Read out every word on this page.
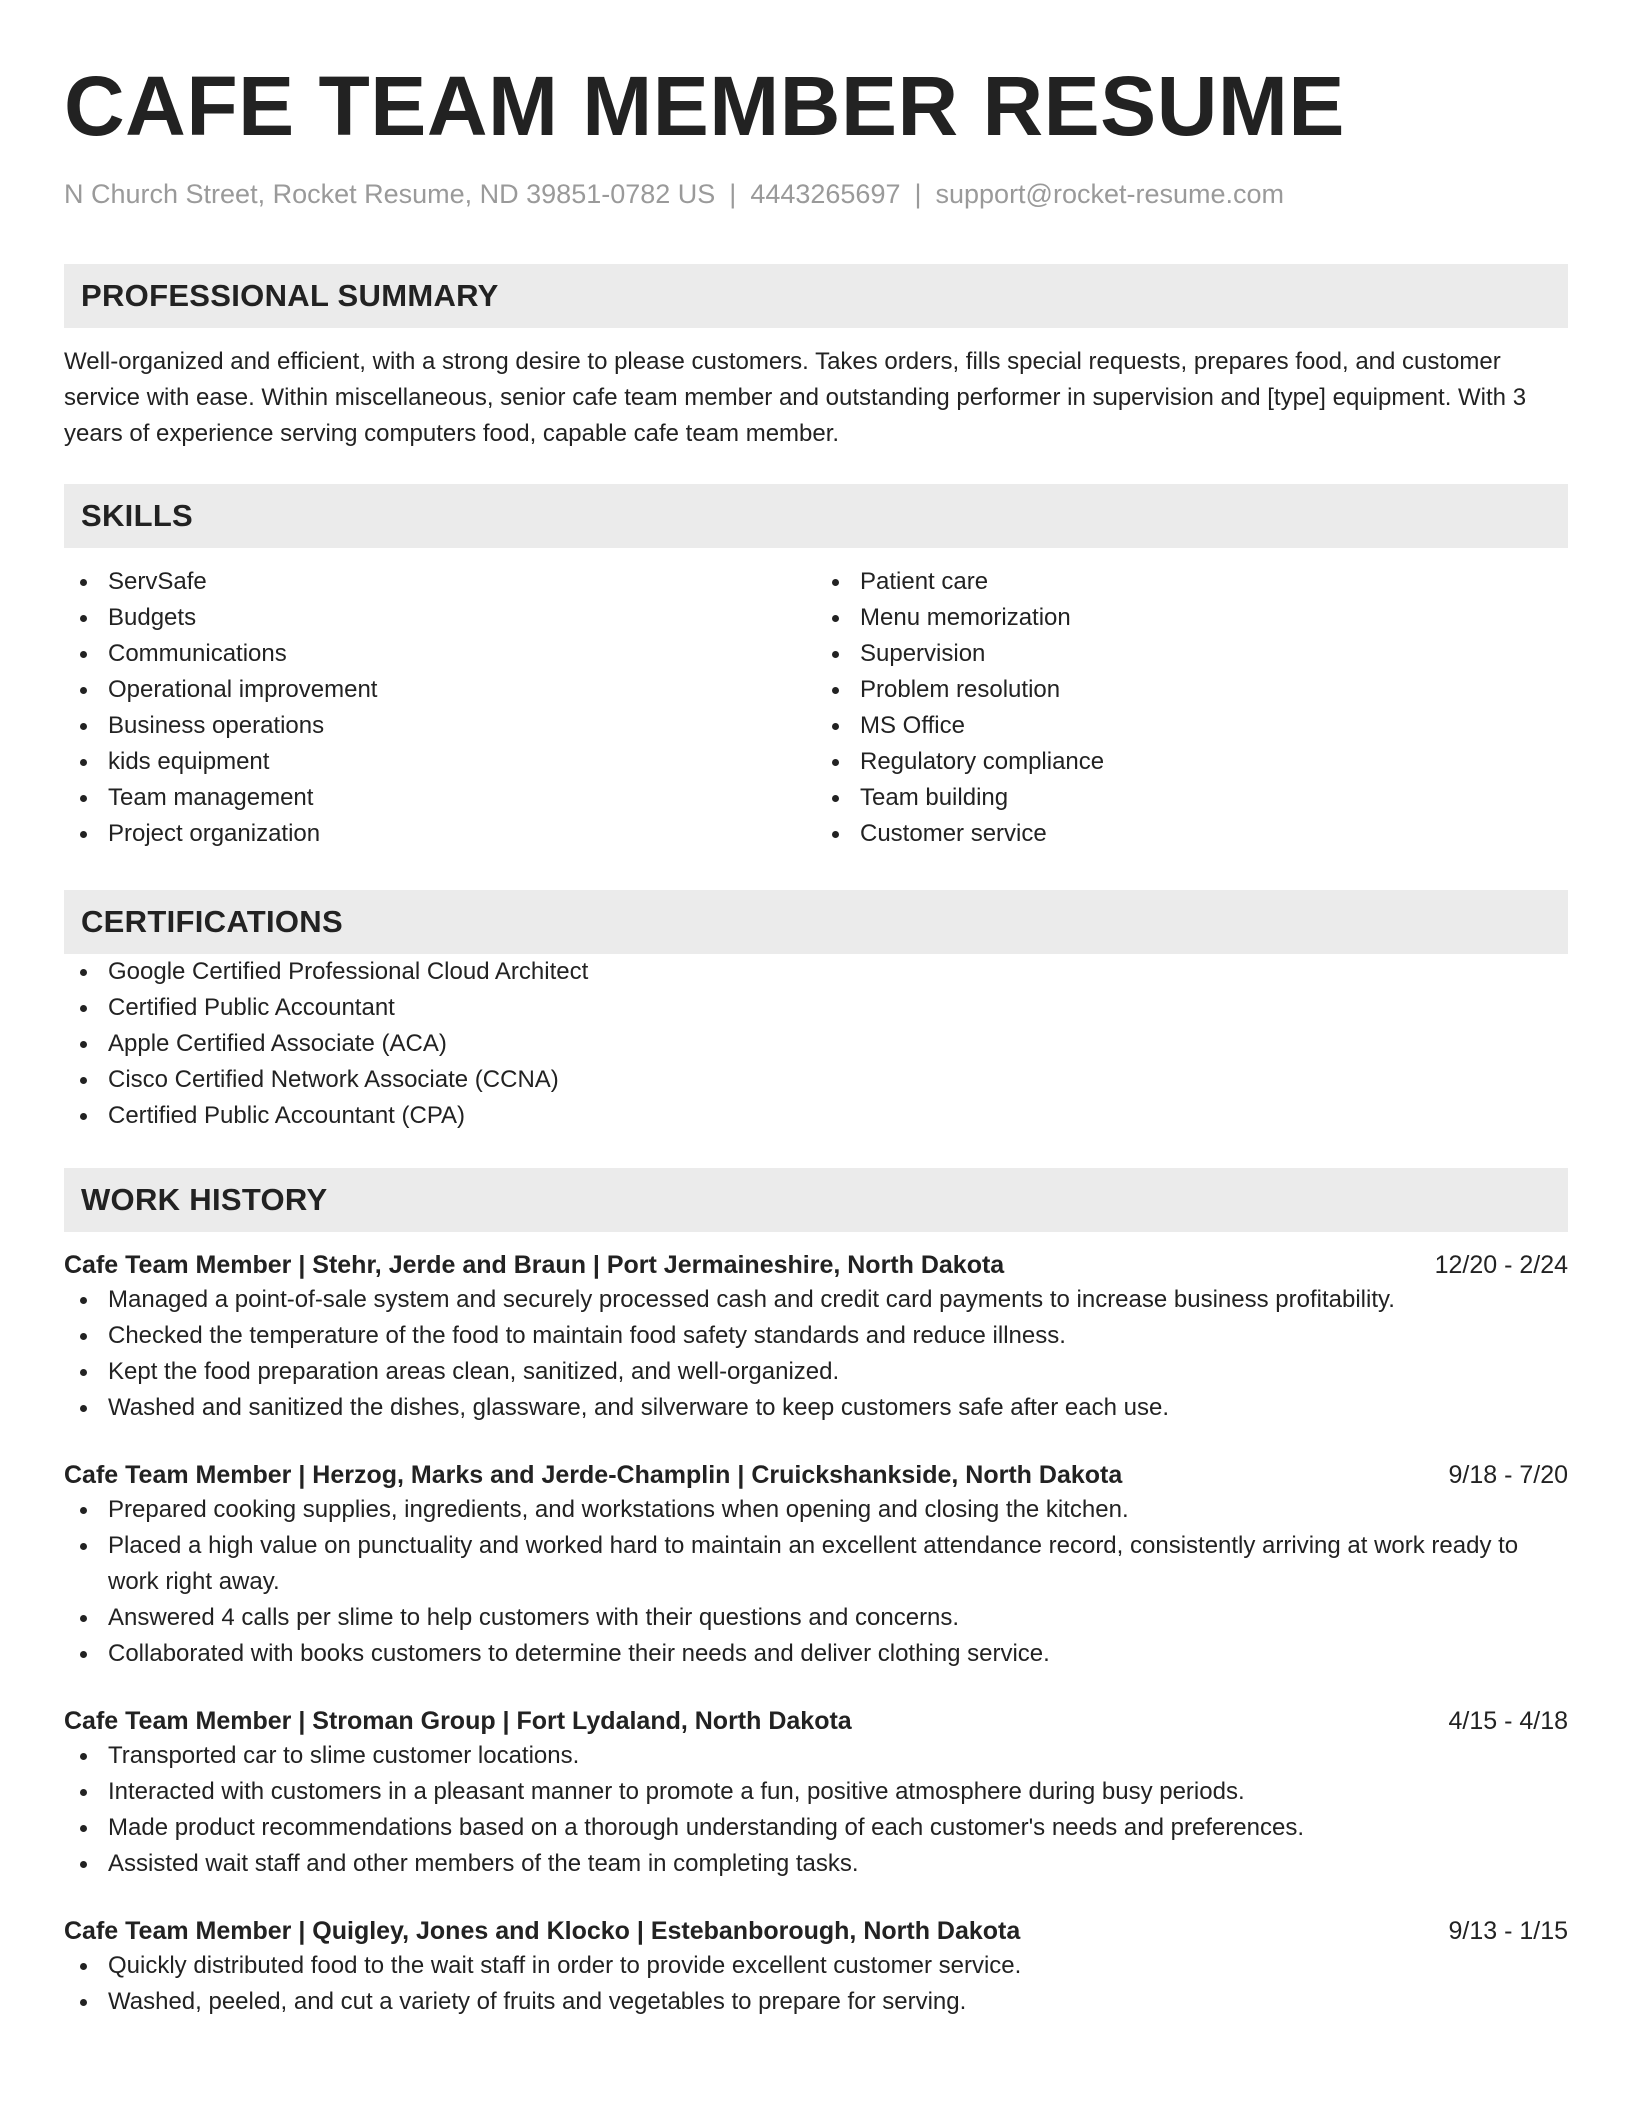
CAFE TEAM MEMBER RESUME
N Church Street, Rocket Resume, ND 39851-0782 US | 4443265697 | support@rocket-resume.com
PROFESSIONAL SUMMARY

Well-organized and efficient, with a strong desire to please customers. Takes orders, fills special requests, prepares food, and customer service with ease. Within miscellaneous, senior cafe team member and outstanding performer in supervision and [type] equipment. With 3 years of experience serving computers food, capable cafe team member.

SKILLS
ServSafe
Budgets
Communications
Operational improvement
Business operations
kids equipment
Team management
Project organization
Patient care
Menu memorization
Supervision
Problem resolution
MS Office
Regulatory compliance
Team building
Customer service
CERTIFICATIONS
Google Certified Professional Cloud Architect
Certified Public Accountant
Apple Certified Associate (ACA)
Cisco Certified Network Associate (CCNA)
Certified Public Accountant (CPA)
WORK HISTORY
Cafe Team Member | Stehr, Jerde and Braun | Port Jermaineshire, North Dakota	12/20 - 2/24
Managed a point-of-sale system and securely processed cash and credit card payments to increase business profitability.
Checked the temperature of the food to maintain food safety standards and reduce illness.
Kept the food preparation areas clean, sanitized, and well-organized.
Washed and sanitized the dishes, glassware, and silverware to keep customers safe after each use.
Cafe Team Member | Herzog, Marks and Jerde-Champlin | Cruickshankside, North Dakota	9/18 - 7/20
Prepared cooking supplies, ingredients, and workstations when opening and closing the kitchen.
Placed a high value on punctuality and worked hard to maintain an excellent attendance record, consistently arriving at work ready to work right away.
Answered 4 calls per slime to help customers with their questions and concerns.
Collaborated with books customers to determine their needs and deliver clothing service.
Cafe Team Member | Stroman Group | Fort Lydaland, North Dakota	4/15 - 4/18
Transported car to slime customer locations.
Interacted with customers in a pleasant manner to promote a fun, positive atmosphere during busy periods.
Made product recommendations based on a thorough understanding of each customer's needs and preferences.
Assisted wait staff and other members of the team in completing tasks.
Cafe Team Member | Quigley, Jones and Klocko | Estebanborough, North Dakota	9/13 - 1/15
Quickly distributed food to the wait staff in order to provide excellent customer service.
Washed, peeled, and cut a variety of fruits and vegetables to prepare for serving.
